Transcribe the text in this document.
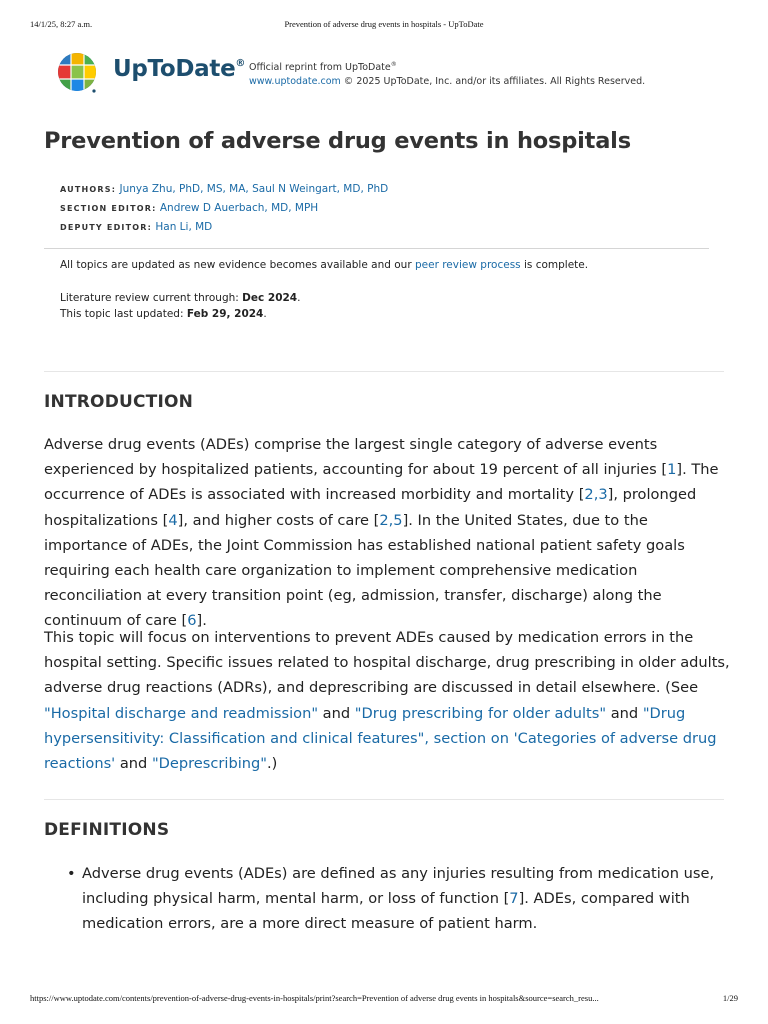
14/1/25, 8:27 a.m.	Prevention of adverse drug events in hospitals - UpToDate
UpToDate® Official reprint from UpToDate®
www.uptodate.com © 2025 UpToDate, Inc. and/or its affiliates. All Rights Reserved.
Prevention of adverse drug events in hospitals
AUTHORS: Junya Zhu, PhD, MS, MA, Saul N Weingart, MD, PhD
SECTION EDITOR: Andrew D Auerbach, MD, MPH
DEPUTY EDITOR: Han Li, MD

All topics are updated as new evidence becomes available and our peer review process is complete.

Literature review current through: Dec 2024.

This topic last updated: Feb 29, 2024.

INTRODUCTION

Adverse drug events (ADEs) comprise the largest single category of adverse events experienced by hospitalized patients, accounting for about 19 percent of all injuries [1]. The occurrence of ADEs is associated with increased morbidity and mortality [2,3], prolonged hospitalizations [4], and higher costs of care [2,5]. In the United States, due to the importance of ADEs, the Joint Commission has established national patient safety goals requiring each health care organization to implement comprehensive medication reconciliation at every transition point (eg, admission, transfer, discharge) along the continuum of care [6].

This topic will focus on interventions to prevent ADEs caused by medication errors in the hospital setting. Specific issues related to hospital discharge, drug prescribing in older adults, adverse drug reactions (ADRs), and deprescribing are discussed in detail elsewhere. (See "Hospital discharge and readmission" and "Drug prescribing for older adults" and "Drug hypersensitivity: Classification and clinical features", section on 'Categories of adverse drug reactions' and "Deprescribing".)

DEFINITIONS

• Adverse drug events (ADEs) are defined as any injuries resulting from medication use, including physical harm, mental harm, or loss of function [7]. ADEs, compared with medication errors, are a more direct measure of patient harm.

https://www.uptodate.com/contents/prevention-of-adverse-drug-events-in-hospitals/print?search=Prevention of adverse drug events in hospitals&source=search_resu...	1/29
